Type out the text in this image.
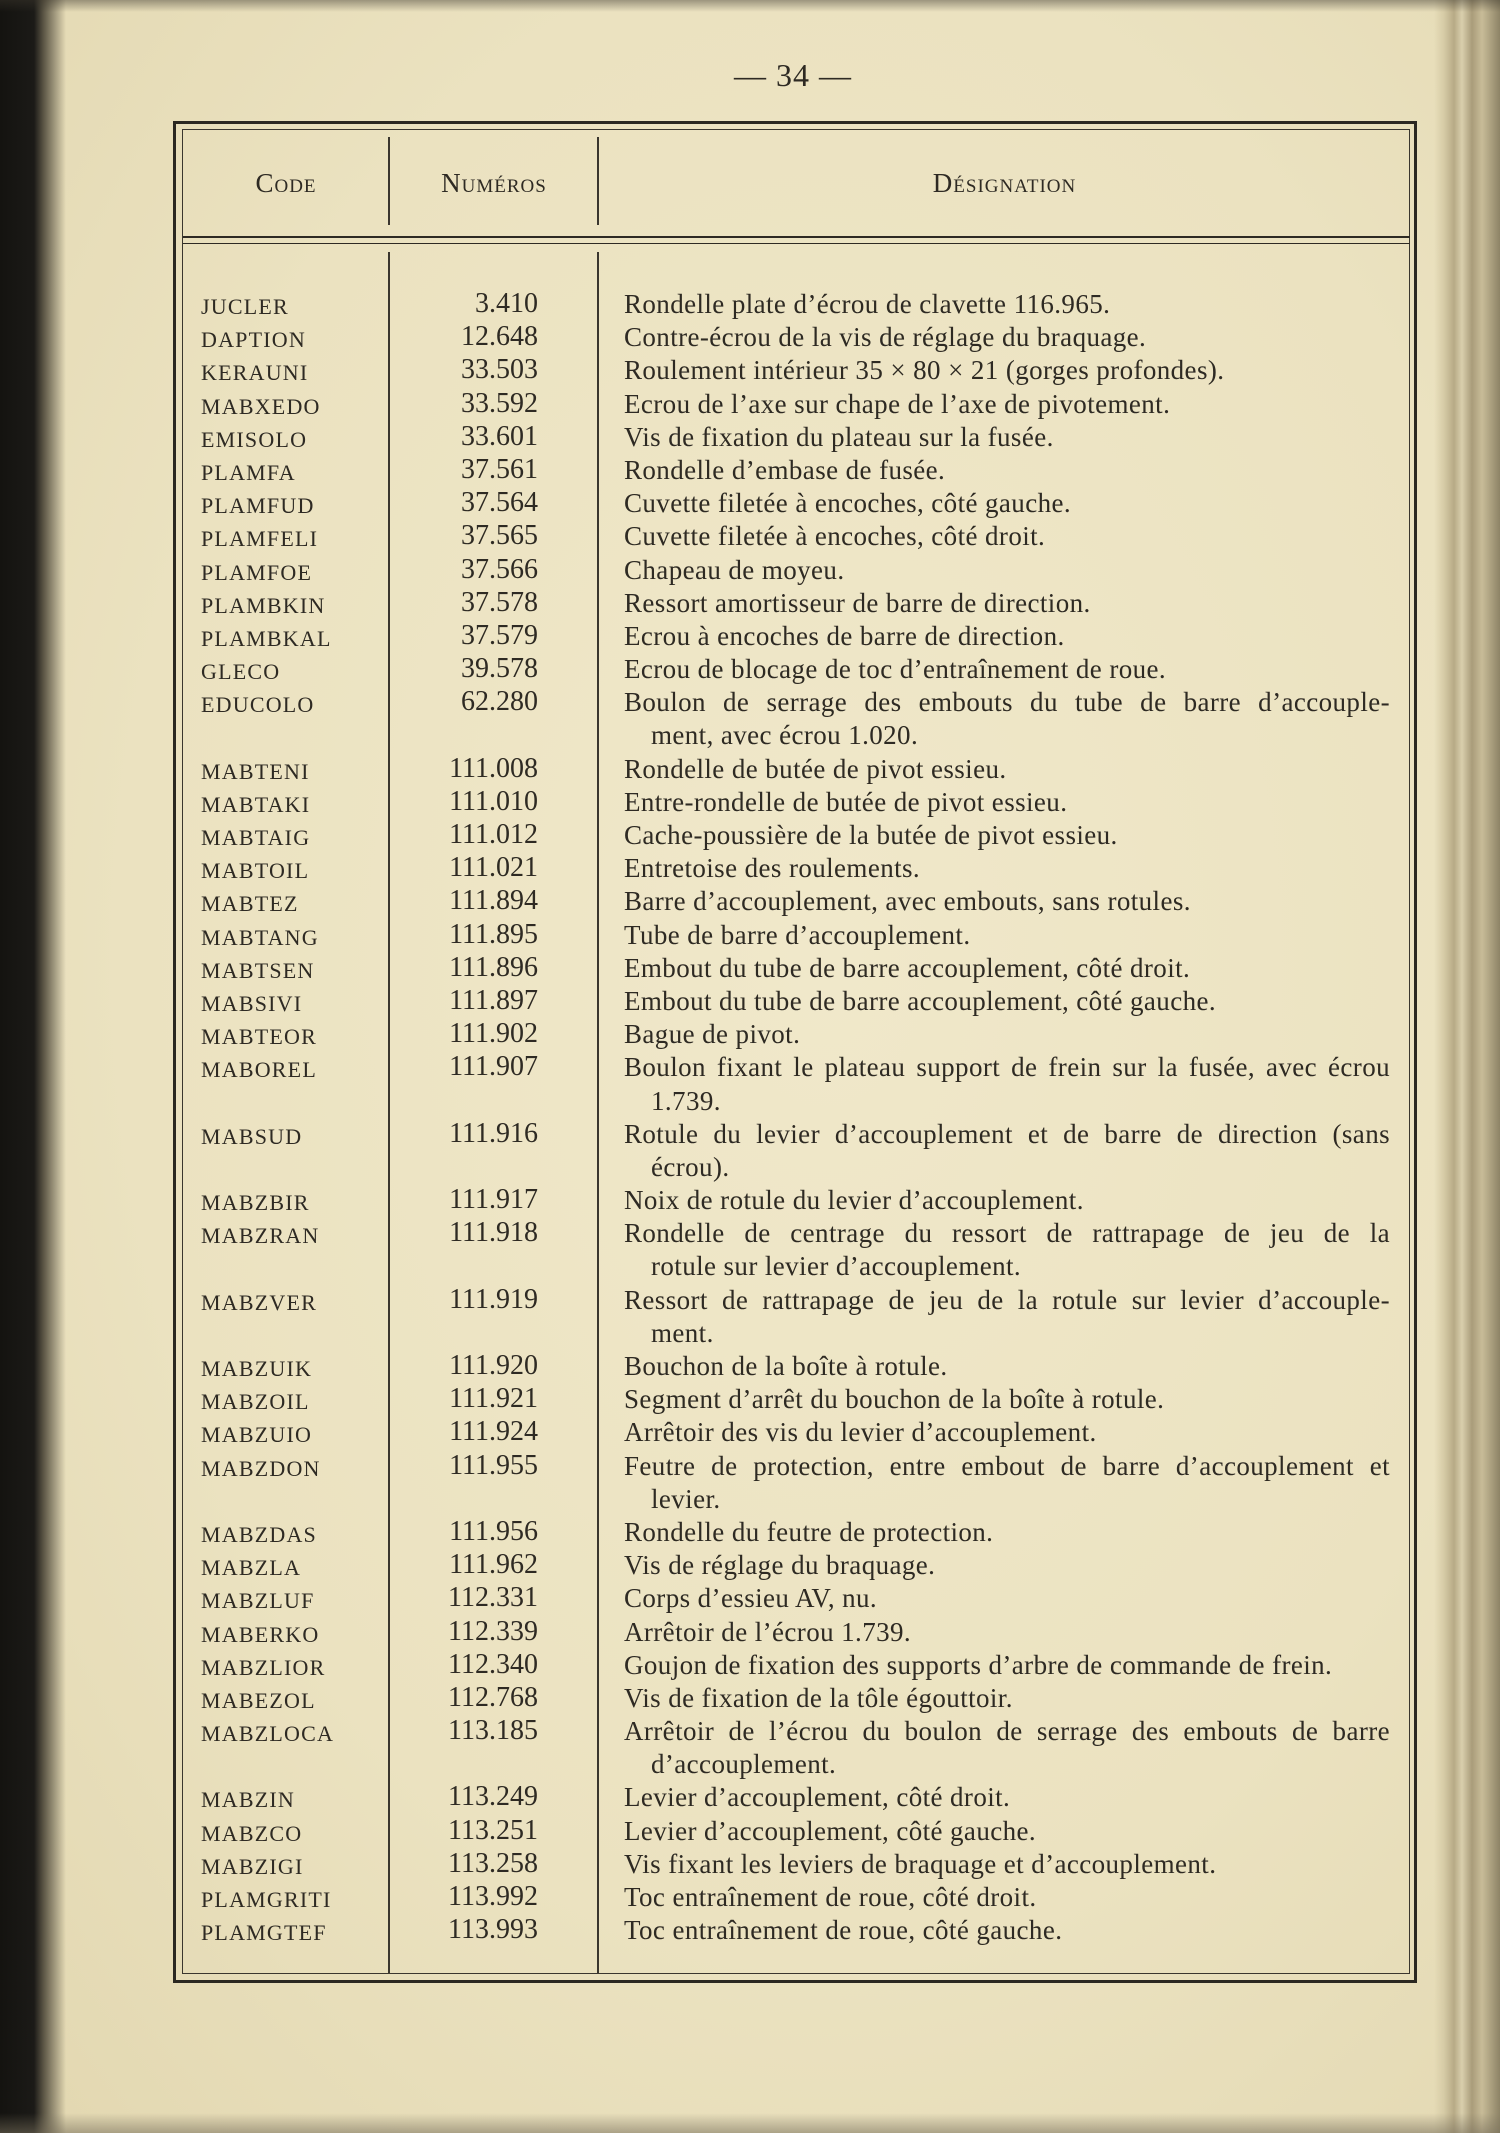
— 34 —
Code	Numéros	Désignation
JUCLER	3.410	Rondelle plate d’écrou de clavette 116.965.
DAPTION	12.648	Contre-écrou de la vis de réglage du braquage.
KERAUNI	33.503	Roulement intérieur 35 × 80 × 21 (gorges profondes).
MABXEDO	33.592	Ecrou de l’axe sur chape de l’axe de pivotement.
EMISOLO	33.601	Vis de fixation du plateau sur la fusée.
PLAMFA	37.561	Rondelle d’embase de fusée.
PLAMFUD	37.564	Cuvette filetée à encoches, côté gauche.
PLAMFELI	37.565	Cuvette filetée à encoches, côté droit.
PLAMFOE	37.566	Chapeau de moyeu.
PLAMBKIN	37.578	Ressort amortisseur de barre de direction.
PLAMBKAL	37.579	Ecrou à encoches de barre de direction.
GLECO	39.578	Ecrou de blocage de toc d’entraînement de roue.
EDUCOLO	62.280	Boulon de serrage des embouts du tube de barre d’accouple-
ment, avec écrou 1.020.
MABTENI	111.008	Rondelle de butée de pivot essieu.
MABTAKI	111.010	Entre-rondelle de butée de pivot essieu.
MABTAIG	111.012	Cache-poussière de la butée de pivot essieu.
MABTOIL	111.021	Entretoise des roulements.
MABTEZ	111.894	Barre d’accouplement, avec embouts, sans rotules.
MABTANG	111.895	Tube de barre d’accouplement.
MABTSEN	111.896	Embout du tube de barre accouplement, côté droit.
MABSIVI	111.897	Embout du tube de barre accouplement, côté gauche.
MABTEOR	111.902	Bague de pivot.
MABOREL	111.907	Boulon fixant le plateau support de frein sur la fusée, avec écrou
1.739.
MABSUD	111.916	Rotule du levier d’accouplement et de barre de direction (sans
écrou).
MABZBIR	111.917	Noix de rotule du levier d’accouplement.
MABZRAN	111.918	Rondelle de centrage du ressort de rattrapage de jeu de la
rotule sur levier d’accouplement.
MABZVER	111.919	Ressort de rattrapage de jeu de la rotule sur levier d’accouple-
ment.
MABZUIK	111.920	Bouchon de la boîte à rotule.
MABZOIL	111.921	Segment d’arrêt du bouchon de la boîte à rotule.
MABZUIO	111.924	Arrêtoir des vis du levier d’accouplement.
MABZDON	111.955	Feutre de protection, entre embout de barre d’accouplement et
levier.
MABZDAS	111.956	Rondelle du feutre de protection.
MABZLA	111.962	Vis de réglage du braquage.
MABZLUF	112.331	Corps d’essieu AV, nu.
MABERKO	112.339	Arrêtoir de l’écrou 1.739.
MABZLIOR	112.340	Goujon de fixation des supports d’arbre de commande de frein.
MABEZOL	112.768	Vis de fixation de la tôle égouttoir.
MABZLOCA	113.185	Arrêtoir de l’écrou du boulon de serrage des embouts de barre
d’accouplement.
MABZIN	113.249	Levier d’accouplement, côté droit.
MABZCO	113.251	Levier d’accouplement, côté gauche.
MABZIGI	113.258	Vis fixant les leviers de braquage et d’accouplement.
PLAMGRITI	113.992	Toc entraînement de roue, côté droit.
PLAMGTEF	113.993	Toc entraînement de roue, côté gauche.
